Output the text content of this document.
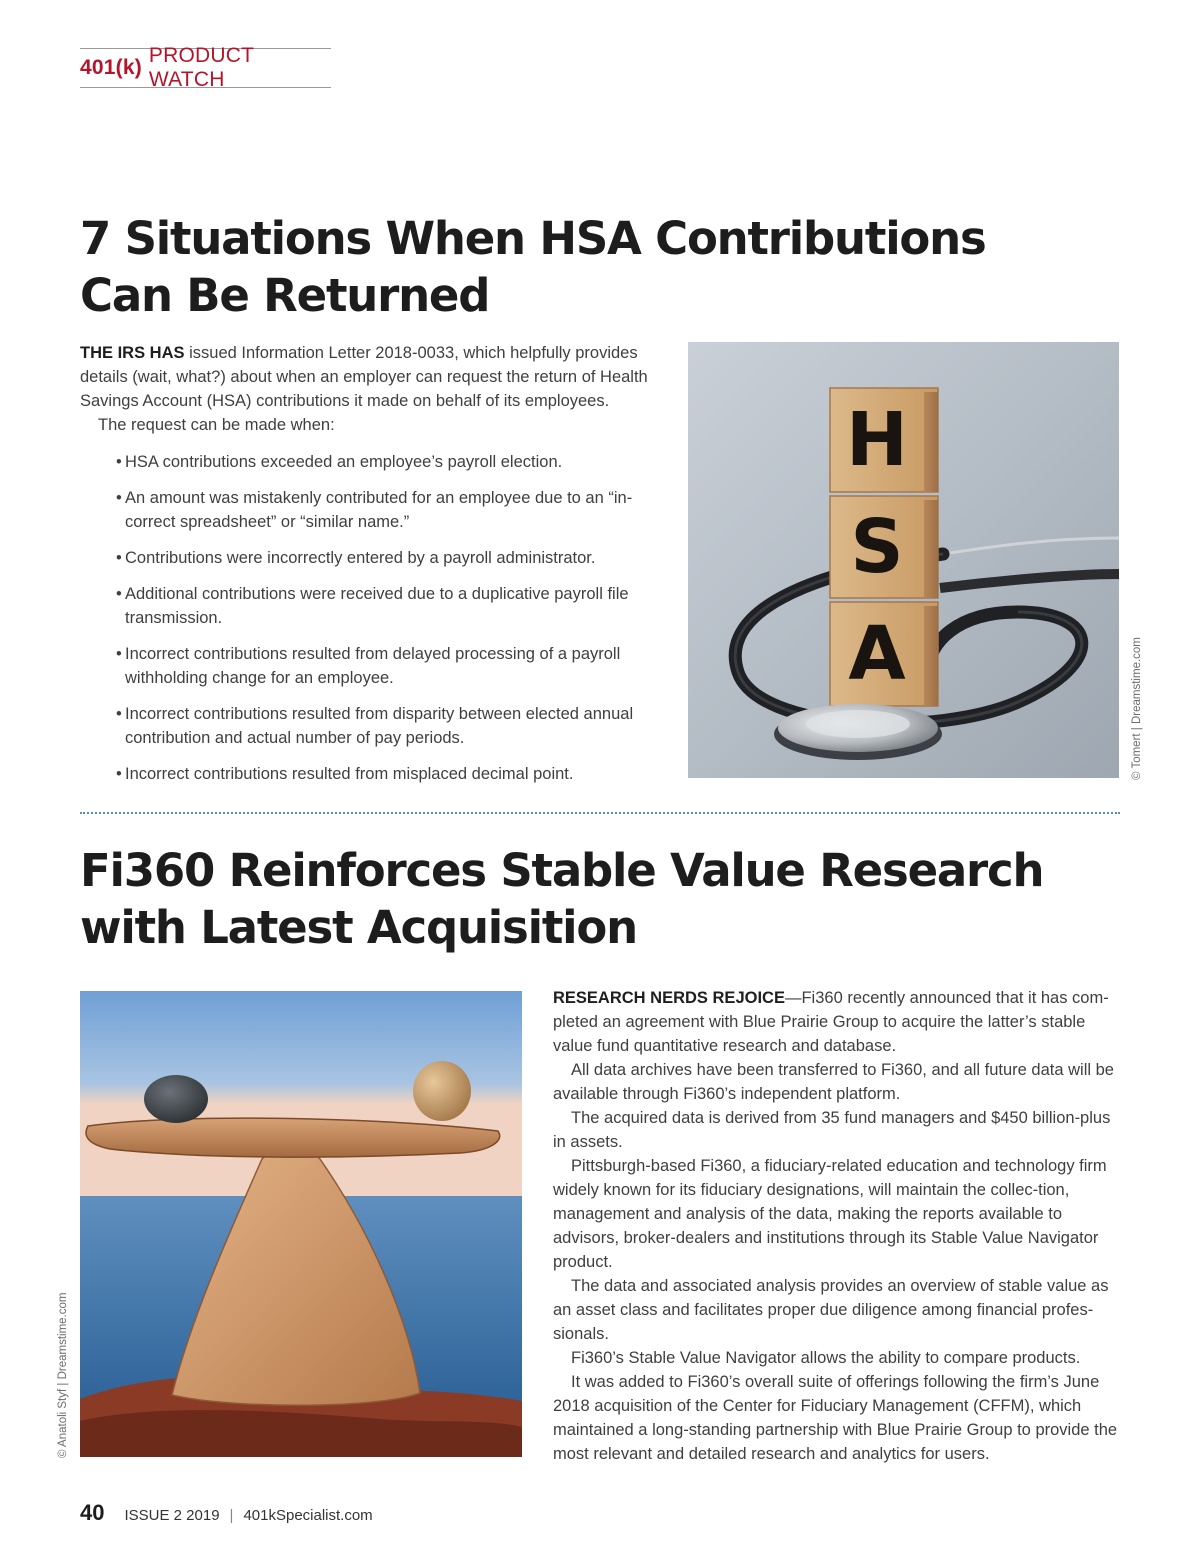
401(k)
PRODUCT WATCH
7 Situations When HSA Contributions
Can Be Returned

THE IRS HAS issued Information Letter 2018-0033, which helpfully provides details (wait, what?) about when an employer can request the return of Health Savings Account (HSA) contributions it made on behalf of its employees.

The request can be made when:

• HSA contributions exceeded an employee’s payroll election.
• An amount was mistakenly contributed for an employee due to an “in-correct spreadsheet” or “similar name.”
• Contributions were incorrectly entered by a payroll administrator.
• Additional contributions were received due to a duplicative payroll file transmission.
• Incorrect contributions resulted from delayed processing of a payroll withholding change for an employee.
• Incorrect contributions resulted from disparity between elected annual contribution and actual number of pay periods.
• Incorrect contributions resulted from misplaced decimal point.
H
S
A	© Tomert | Dreamstime.com
Fi360 Reinforces Stable Value Research
with Latest Acquisition
© Anatoli Styf | Dreamstime.com

RESEARCH NERDS REJOICE—Fi360 recently announced that it has com-pleted an agreement with Blue Prairie Group to acquire the latter’s stable value fund quantitative research and database.

All data archives have been transferred to Fi360, and all future data will be available through Fi360’s independent platform.

The acquired data is derived from 35 fund managers and $450 billion-plus in assets.

Pittsburgh-based Fi360, a fiduciary-related education and technology firm widely known for its fiduciary designations, will maintain the collec-tion, management and analysis of the data, making the reports available to advisors, broker-dealers and institutions through its Stable Value Navigator product.

The data and associated analysis provides an overview of stable value as an asset class and facilitates proper due diligence among financial profes-sionals.

Fi360’s Stable Value Navigator allows the ability to compare products.

It was added to Fi360’s overall suite of offerings following the firm’s June 2018 acquisition of the Center for Fiduciary Management (CFFM), which maintained a long-standing partnership with Blue Prairie Group to provide the most relevant and detailed research and analytics for users.

40 ISSUE 2 2019 | 401kSpecialist.com
